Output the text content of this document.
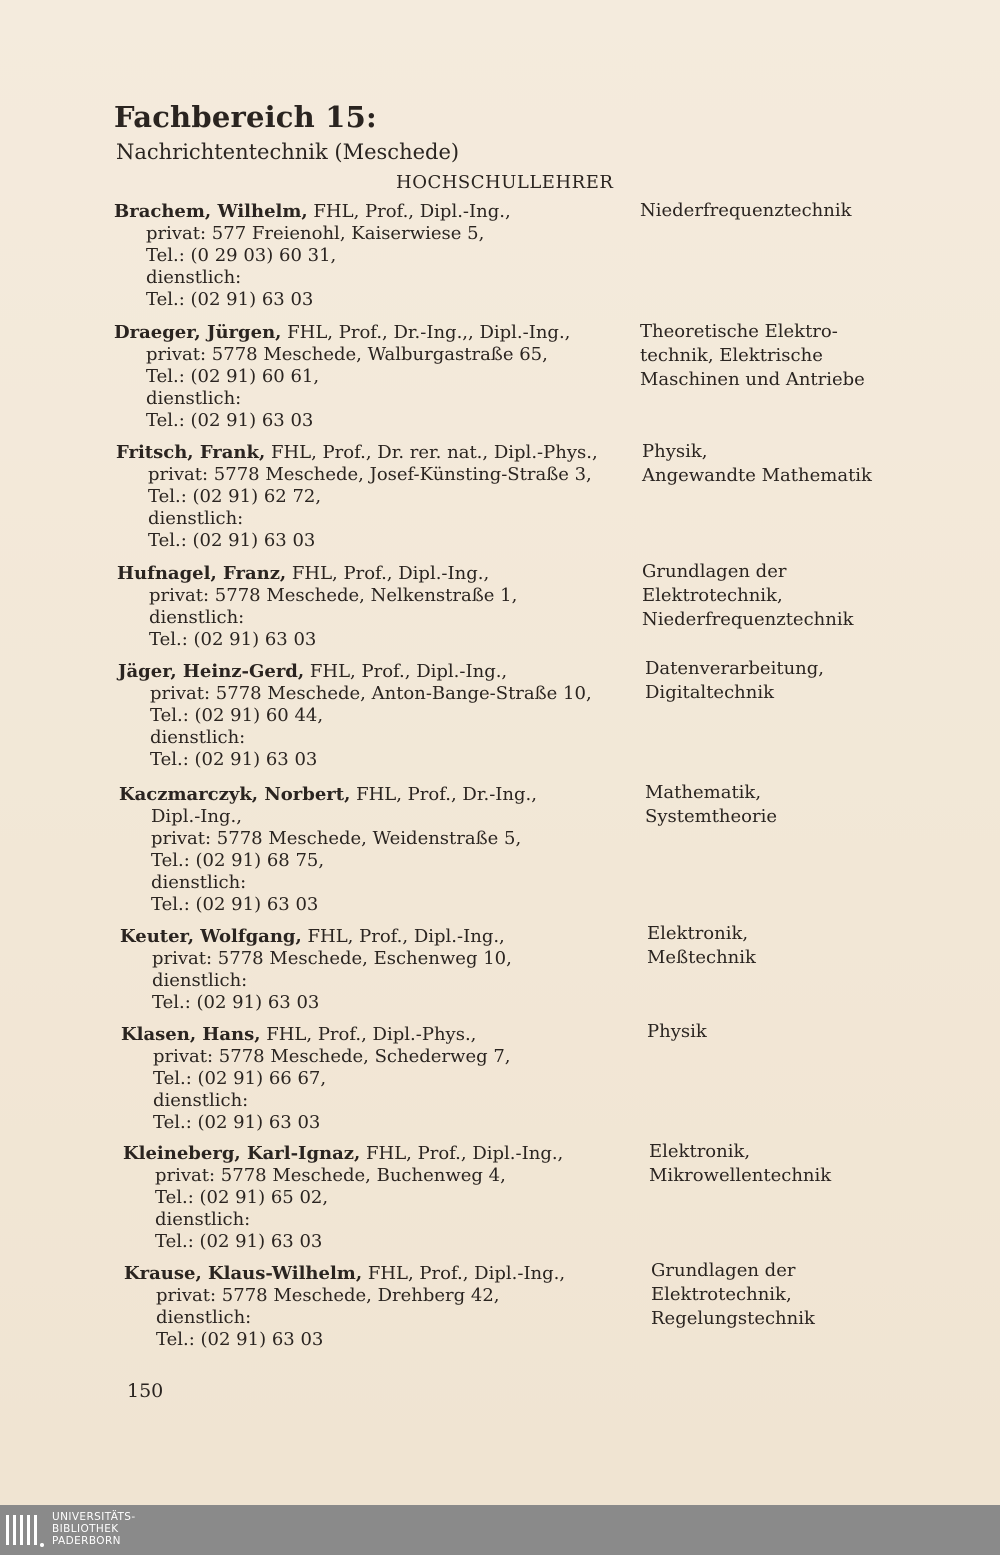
Fachbereich 15:
Nachrichtentechnik (Meschede)
HOCHSCHULLEHRER
Brachem, Wilhelm, FHL, Prof., Dipl.-Ing.,
privat: 577 Freienohl, Kaiserwiese 5,
Tel.: (0 29 03) 60 31,
dienstlich:
Tel.: (02 91) 63 03
Niederfrequenztechnik
Draeger, Jürgen, FHL, Prof., Dr.-Ing.,, Dipl.-Ing.,
privat: 5778 Meschede, Walburgastraße 65,
Tel.: (02 91) 60 61,
dienstlich:
Tel.: (02 91) 63 03
Theoretische Elektro-
technik, Elektrische
Maschinen und Antriebe
Fritsch, Frank, FHL, Prof., Dr. rer. nat., Dipl.-Phys.,
privat: 5778 Meschede, Josef-Künsting-Straße 3,
Tel.: (02 91) 62 72,
dienstlich:
Tel.: (02 91) 63 03
Physik,
Angewandte Mathematik
Hufnagel, Franz, FHL, Prof., Dipl.-Ing.,
privat: 5778 Meschede, Nelkenstraße 1,
dienstlich:
Tel.: (02 91) 63 03
Grundlagen der
Elektrotechnik,
Niederfrequenztechnik
Jäger, Heinz-Gerd, FHL, Prof., Dipl.-Ing.,
privat: 5778 Meschede, Anton-Bange-Straße 10,
Tel.: (02 91) 60 44,
dienstlich:
Tel.: (02 91) 63 03
Datenverarbeitung,
Digitaltechnik
Kaczmarczyk, Norbert, FHL, Prof., Dr.-Ing.,
Dipl.-Ing.,
privat: 5778 Meschede, Weidenstraße 5,
Tel.: (02 91) 68 75,
dienstlich:
Tel.: (02 91) 63 03
Mathematik,
Systemtheorie
Keuter, Wolfgang, FHL, Prof., Dipl.-Ing.,
privat: 5778 Meschede, Eschenweg 10,
dienstlich:
Tel.: (02 91) 63 03
Elektronik,
Meßtechnik
Klasen, Hans, FHL, Prof., Dipl.-Phys.,
privat: 5778 Meschede, Schederweg 7,
Tel.: (02 91) 66 67,
dienstlich:
Tel.: (02 91) 63 03
Physik
Kleineberg, Karl-Ignaz, FHL, Prof., Dipl.-Ing.,
privat: 5778 Meschede, Buchenweg 4,
Tel.: (02 91) 65 02,
dienstlich:
Tel.: (02 91) 63 03
Elektronik,
Mikrowellentechnik
Krause, Klaus-Wilhelm, FHL, Prof., Dipl.-Ing.,
privat: 5778 Meschede, Drehberg 42,
dienstlich:
Tel.: (02 91) 63 03
Grundlagen der
Elektrotechnik,
Regelungstechnik
150
UNIVERSITÄTS-
BIBLIOTHEK
PADERBORN
